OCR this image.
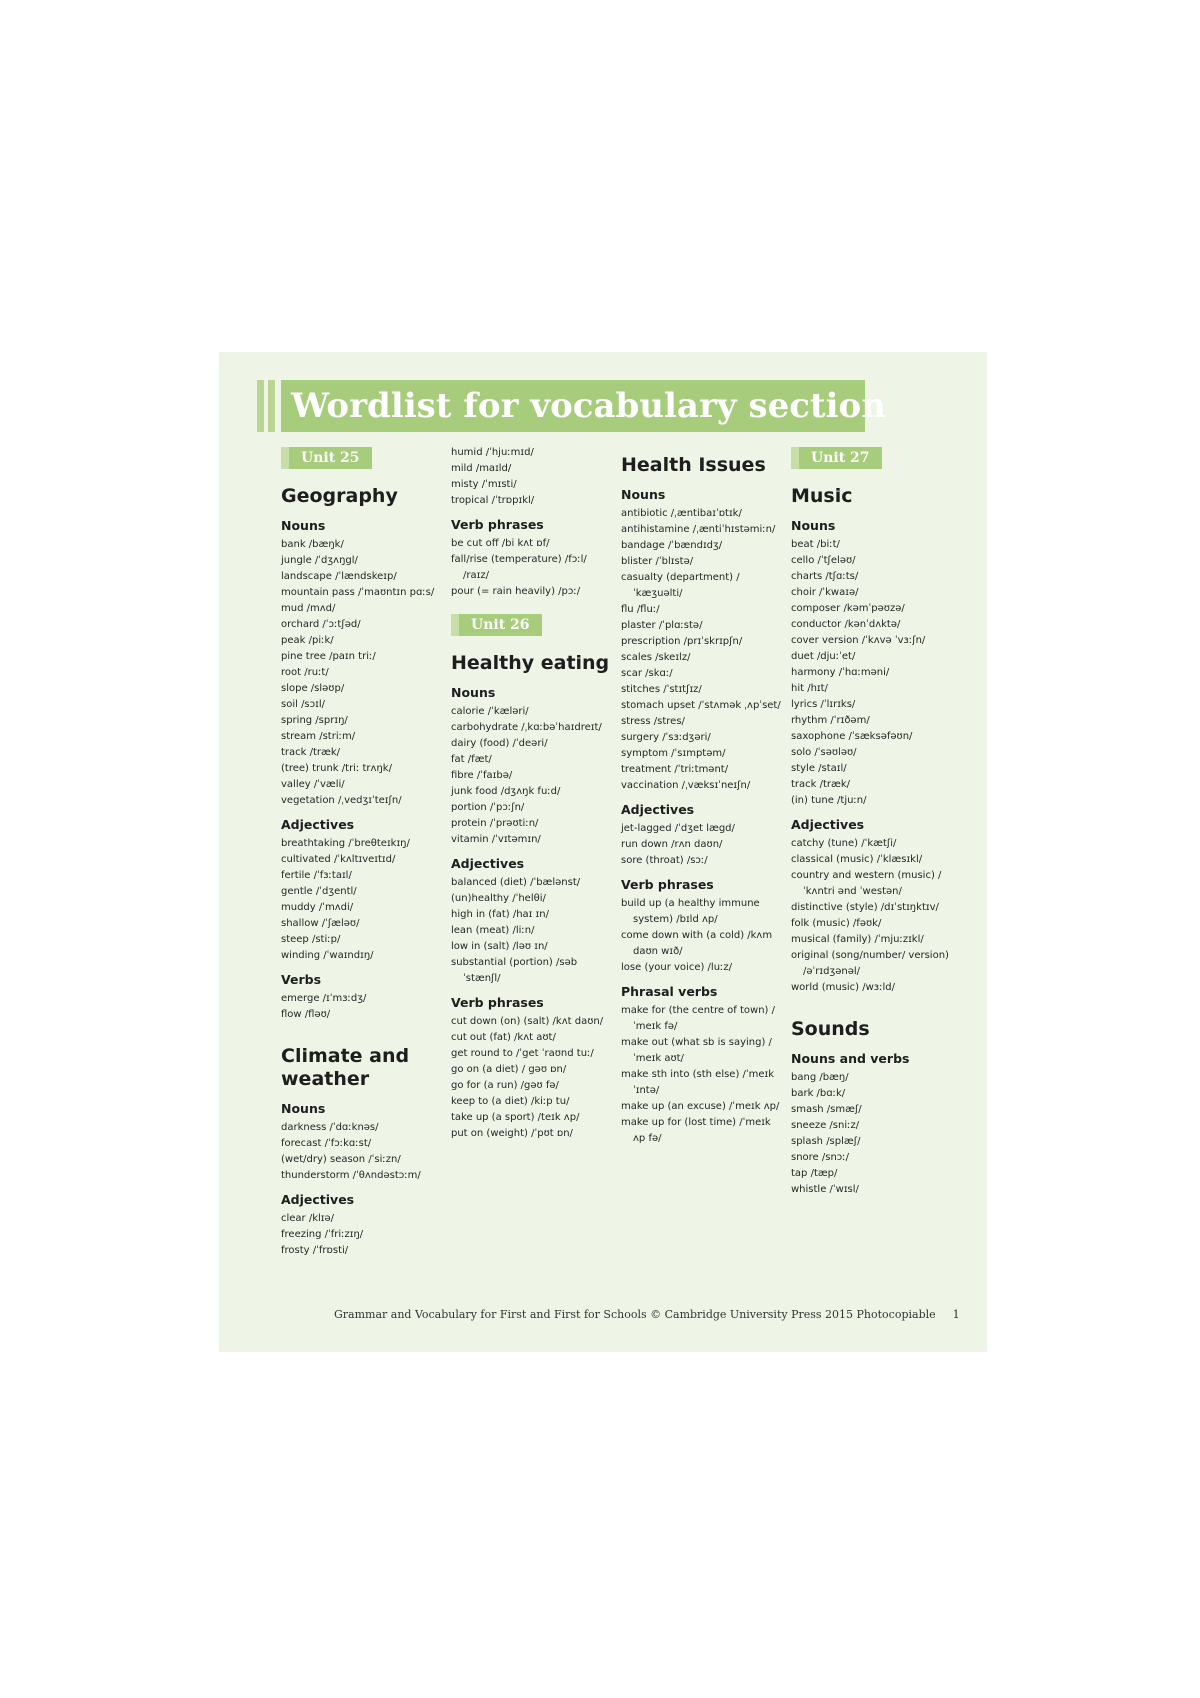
Wordlist for vocabulary section
Unit 25
Geography
Nouns
bank /bæŋk/
jungle /ˈdʒʌŋgl/
landscape /ˈlændskeɪp/
mountain pass /ˈmaʊntɪn pɑːs/
mud /mʌd/
orchard /ˈɔːtʃəd/
peak /piːk/
pine tree /paɪn triː/
root /ruːt/
slope /sləʊp/
soil /sɔɪl/
spring /sprɪŋ/
stream /striːm/
track /træk/
(tree) trunk /triː trʌŋk/
valley /ˈvæli/
vegetation /ˌvedʒɪˈteɪʃn/
Adjectives
breathtaking /ˈbreθteɪkɪŋ/
cultivated /ˈkʌltɪveɪtɪd/
fertile /ˈfɜːtaɪl/
gentle /ˈdʒentl/
muddy /ˈmʌdi/
shallow /ˈʃæləʊ/
steep /stiːp/
winding /ˈwaɪndɪŋ/
Verbs
emerge /ɪˈmɜːdʒ/
flow /fləʊ/
Climate and weather
Nouns
darkness /ˈdɑːknəs/
forecast /ˈfɔːkɑːst/
(wet/dry) season /ˈsiːzn/
thunderstorm /ˈθʌndəstɔːm/
Adjectives
clear /klɪə/
freezing /ˈfriːzɪŋ/
frosty /ˈfrɒsti/
humid /ˈhjuːmɪd/
mild /maɪld/
misty /ˈmɪsti/
tropical /ˈtrɒpɪkl/
Verb phrases
be cut off /bi kʌt ɒf/
fall/rise (temperature) /fɔːl/ /raɪz/
pour (= rain heavily) /pɔː/
Unit 26
Healthy eating
Nouns
calorie /ˈkæləri/
carbohydrate /ˌkɑːbəˈhaɪdreɪt/
dairy (food) /ˈdeəri/
fat /fæt/
fibre /ˈfaɪbə/
junk food /dʒʌŋk fuːd/
portion /ˈpɔːʃn/
protein /ˈprəʊtiːn/
vitamin /ˈvɪtəmɪn/
Adjectives
balanced (diet) /ˈbælənst/
(un)healthy /ˈhelθi/
high in (fat) /haɪ ɪn/
lean (meat) /liːn/
low in (salt) /ləʊ ɪn/
substantial (portion) /səbˈstænʃl/
Verb phrases
cut down (on) (salt) /kʌt daʊn/
cut out (fat) /kʌt aʊt/
get round to /ˈget ˈraʊnd tuː/
go on (a diet) / gəʊ ɒn/
go for (a run) /gəʊ fə/
keep to (a diet) /kiːp tu/
take up (a sport) /teɪk ʌp/
put on (weight) /ˈpʊt ɒn/
Health Issues
Nouns
antibiotic /ˌæntibaɪˈɒtɪk/
antihistamine /ˌæntiˈhɪstəmiːn/
bandage /ˈbændɪdʒ/
blister /ˈblɪstə/
casualty (department) /ˈkæʒuəlti/
flu /fluː/
plaster /ˈplɑːstə/
prescription /prɪˈskrɪpʃn/
scales /skeɪlz/
scar /skɑː/
stitches /ˈstɪtʃɪz/
stomach upset /ˈstʌmək ˌʌpˈset/
stress /stres/
surgery /ˈsɜːdʒəri/
symptom /ˈsɪmptəm/
treatment /ˈtriːtmənt/
vaccination /ˌvæksɪˈneɪʃn/
Adjectives
jet-lagged /ˈdʒet lægd/
run down /rʌn daʊn/
sore (throat) /sɔː/
Verb phrases
build up (a healthy immune system) /bɪld ʌp/
come down with (a cold) /kʌm daʊn wɪð/
lose (your voice) /luːz/
Phrasal verbs
make for (the centre of town) /ˈmeɪk fə/
make out (what sb is saying) /ˈmeɪk aʊt/
make sth into (sth else) /ˈmeɪkˈɪntə/
make up (an excuse) /ˈmeɪk ʌp/
make up for (lost time) /ˈmeɪk ʌp fə/
Unit 27
Music
Nouns
beat /biːt/
cello /ˈtʃeləʊ/
charts /tʃɑːts/
choir /ˈkwaɪə/
composer /kəmˈpəʊzə/
conductor /kənˈdʌktə/
cover version /ˈkʌvə ˈvɜːʃn/
duet /djuːˈet/
harmony /ˈhɑːməni/
hit /hɪt/
lyrics /ˈlɪrɪks/
rhythm /ˈrɪðəm/
saxophone /ˈsæksəfəʊn/
solo /ˈsəʊləʊ/
style /staɪl/
track /træk/
(in) tune /tjuːn/
Adjectives
catchy (tune) /ˈkætʃi/
classical (music) /ˈklæsɪkl/
country and western (music) /ˈkʌntri ənd ˈwestən/
distinctive (style) /dɪˈstɪŋktɪv/
folk (music) /fəʊk/
musical (family) /ˈmjuːzɪkl/
original (song/number/ version) /əˈrɪdʒənəl/
world (music) /wɜːld/
Sounds
Nouns and verbs
bang /bæŋ/
bark /bɑːk/
smash /smæʃ/
sneeze /sniːz/
splash /splæʃ/
snore /snɔː/
tap /tæp/
whistle /ˈwɪsl/
Grammar and Vocabulary for First and First for Schools © Cambridge University Press 2015 Photocopiable 1
